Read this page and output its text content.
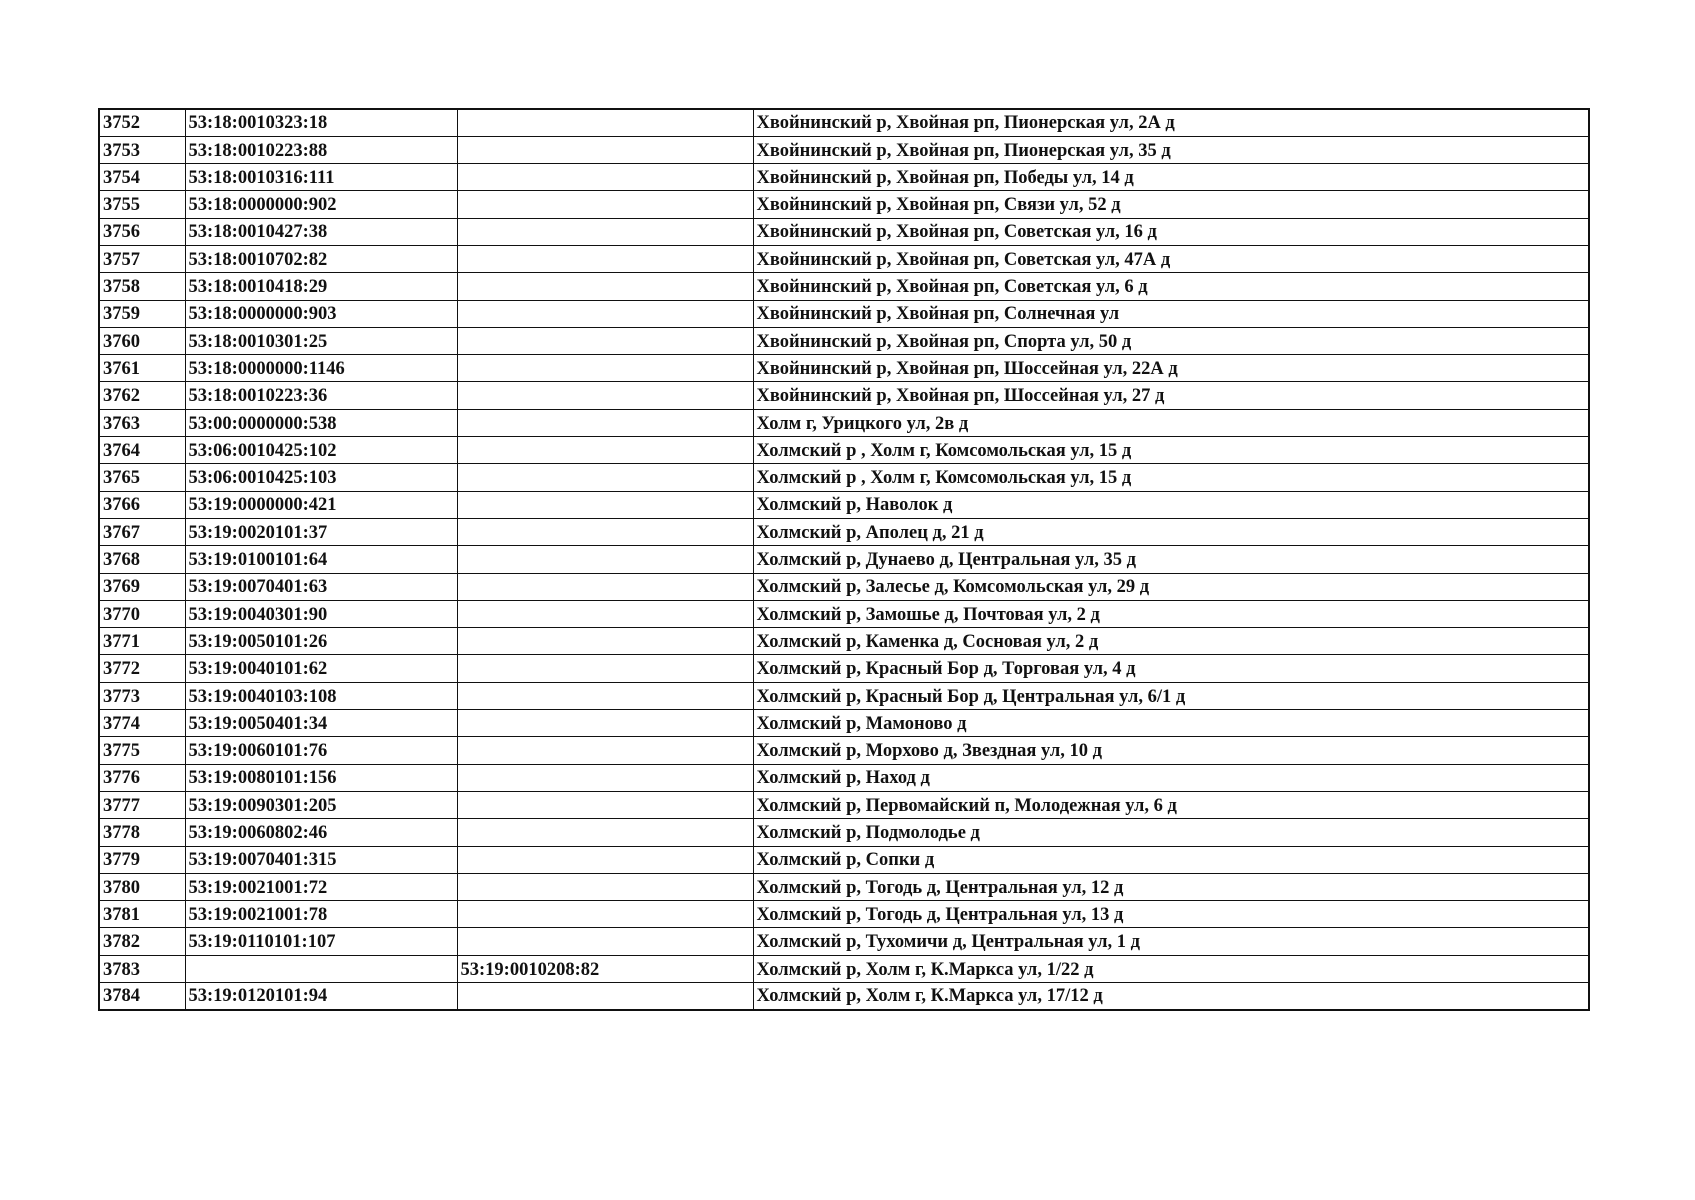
3752	53:18:0010323:18		Хвойнинский р, Хвойная рп, Пионерская ул, 2А д
3753	53:18:0010223:88		Хвойнинский р, Хвойная рп, Пионерская ул, 35 д
3754	53:18:0010316:111		Хвойнинский р, Хвойная рп, Победы ул, 14 д
3755	53:18:0000000:902		Хвойнинский р, Хвойная рп, Связи ул, 52 д
3756	53:18:0010427:38		Хвойнинский р, Хвойная рп, Советская ул, 16 д
3757	53:18:0010702:82		Хвойнинский р, Хвойная рп, Советская ул, 47А д
3758	53:18:0010418:29		Хвойнинский р, Хвойная рп, Советская ул, 6 д
3759	53:18:0000000:903		Хвойнинский р, Хвойная рп, Солнечная ул
3760	53:18:0010301:25		Хвойнинский р, Хвойная рп, Спорта ул, 50 д
3761	53:18:0000000:1146		Хвойнинский р, Хвойная рп, Шоссейная ул, 22А д
3762	53:18:0010223:36		Хвойнинский р, Хвойная рп, Шоссейная ул, 27 д
3763	53:00:0000000:538		Холм г, Урицкого ул, 2в д
3764	53:06:0010425:102		Холмский р , Холм г, Комсомольская ул, 15 д
3765	53:06:0010425:103		Холмский р , Холм г, Комсомольская ул, 15 д
3766	53:19:0000000:421		Холмский р, Наволок д
3767	53:19:0020101:37		Холмский р, Аполец д, 21 д
3768	53:19:0100101:64		Холмский р, Дунаево д, Центральная ул, 35 д
3769	53:19:0070401:63		Холмский р, Залесье д, Комсомольская ул, 29 д
3770	53:19:0040301:90		Холмский р, Замошье д, Почтовая ул, 2 д
3771	53:19:0050101:26		Холмский р, Каменка д, Сосновая ул, 2 д
3772	53:19:0040101:62		Холмский р, Красный Бор д, Торговая ул, 4 д
3773	53:19:0040103:108		Холмский р, Красный Бор д, Центральная ул, 6/1 д
3774	53:19:0050401:34		Холмский р, Мамоново д
3775	53:19:0060101:76		Холмский р, Морхово д, Звездная ул, 10 д
3776	53:19:0080101:156		Холмский р, Наход д
3777	53:19:0090301:205		Холмский р, Первомайский п, Молодежная ул, 6 д
3778	53:19:0060802:46		Холмский р, Подмолодье д
3779	53:19:0070401:315		Холмский р, Сопки д
3780	53:19:0021001:72		Холмский р, Тогодь д, Центральная ул, 12 д
3781	53:19:0021001:78		Холмский р, Тогодь д, Центральная ул, 13 д
3782	53:19:0110101:107		Холмский р, Тухомичи д, Центральная ул, 1 д
3783		53:19:0010208:82	Холмский р, Холм г, К.Маркса ул, 1/22 д
3784	53:19:0120101:94		Холмский р, Холм г, К.Маркса ул, 17/12 д
